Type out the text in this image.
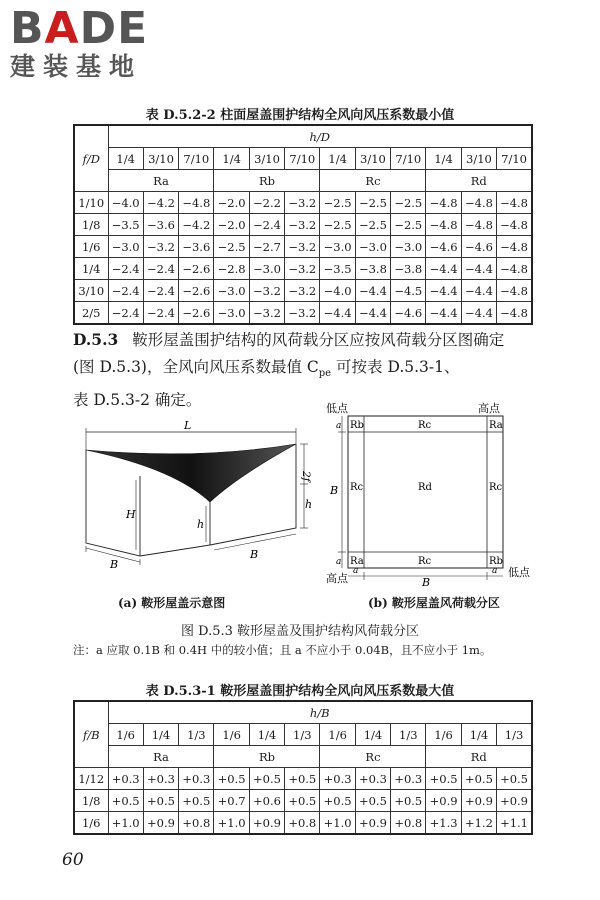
BADE
建装基地
表 D.5.2-2 柱面屋盖围护结构全风向风压系数最小值
f/D	h/D											
	1/4	3/10	7/10	1/4	3/10	7/10	1/4	3/10	7/10	1/4	3/10	7/10
	Ra			Rb			Rc			Rd		
1/10	−4.0	−4.2	−4.8	−2.0	−2.2	−3.2	−2.5	−2.5	−2.5	−4.8	−4.8	−4.8
1/8	−3.5	−3.6	−4.2	−2.0	−2.4	−3.2	−2.5	−2.5	−2.5	−4.8	−4.8	−4.8
1/6	−3.0	−3.2	−3.6	−2.5	−2.7	−3.2	−3.0	−3.0	−3.0	−4.6	−4.6	−4.8
1/4	−2.4	−2.4	−2.6	−2.8	−3.0	−3.2	−3.5	−3.8	−3.8	−4.4	−4.4	−4.8
3/10	−2.4	−2.4	−2.6	−3.0	−3.2	−3.2	−4.0	−4.4	−4.5	−4.4	−4.4	−4.8
2/5	−2.4	−2.4	−2.6	−3.0	−3.2	−3.2	−4.4	−4.4	−4.6	−4.4	−4.4	−4.8
D.5.3 鞍形屋盖围护结构的风荷载分区应按风荷载分区图确定
(图 D.5.3)，全风向风压系数最值 $C_{pe}$ 可按表 D.5.3-1、
表 D.5.3-2 确定。
L
H
h
2f
h
B
B
(a) 鞍形屋盖示意图
低点	高点
Rb	Rc	Ra
Rc	Rd	Rc
Ra	Rc	Rb
a
B
a
a
B
a
高点	低点
(b) 鞍形屋盖风荷载分区
图 D.5.3 鞍形屋盖及围护结构风荷载分区
注：a 应取 0.1B 和 0.4H 中的较小值；且 a 不应小于 0.04B，且不应小于 1m。
表 D.5.3-1 鞍形屋盖围护结构全风向风压系数最大值
f/B	h/B											
	1/6	1/4	1/3	1/6	1/4	1/3	1/6	1/4	1/3	1/6	1/4	1/3
	Ra			Rb			Rc			Rd		
1/12	+0.3	+0.3	+0.3	+0.5	+0.5	+0.5	+0.3	+0.3	+0.3	+0.5	+0.5	+0.5
1/8	+0.5	+0.5	+0.5	+0.7	+0.6	+0.5	+0.5	+0.5	+0.5	+0.9	+0.9	+0.9
1/6	+1.0	+0.9	+0.8	+1.0	+0.9	+0.8	+1.0	+0.9	+0.8	+1.3	+1.2	+1.1
60
